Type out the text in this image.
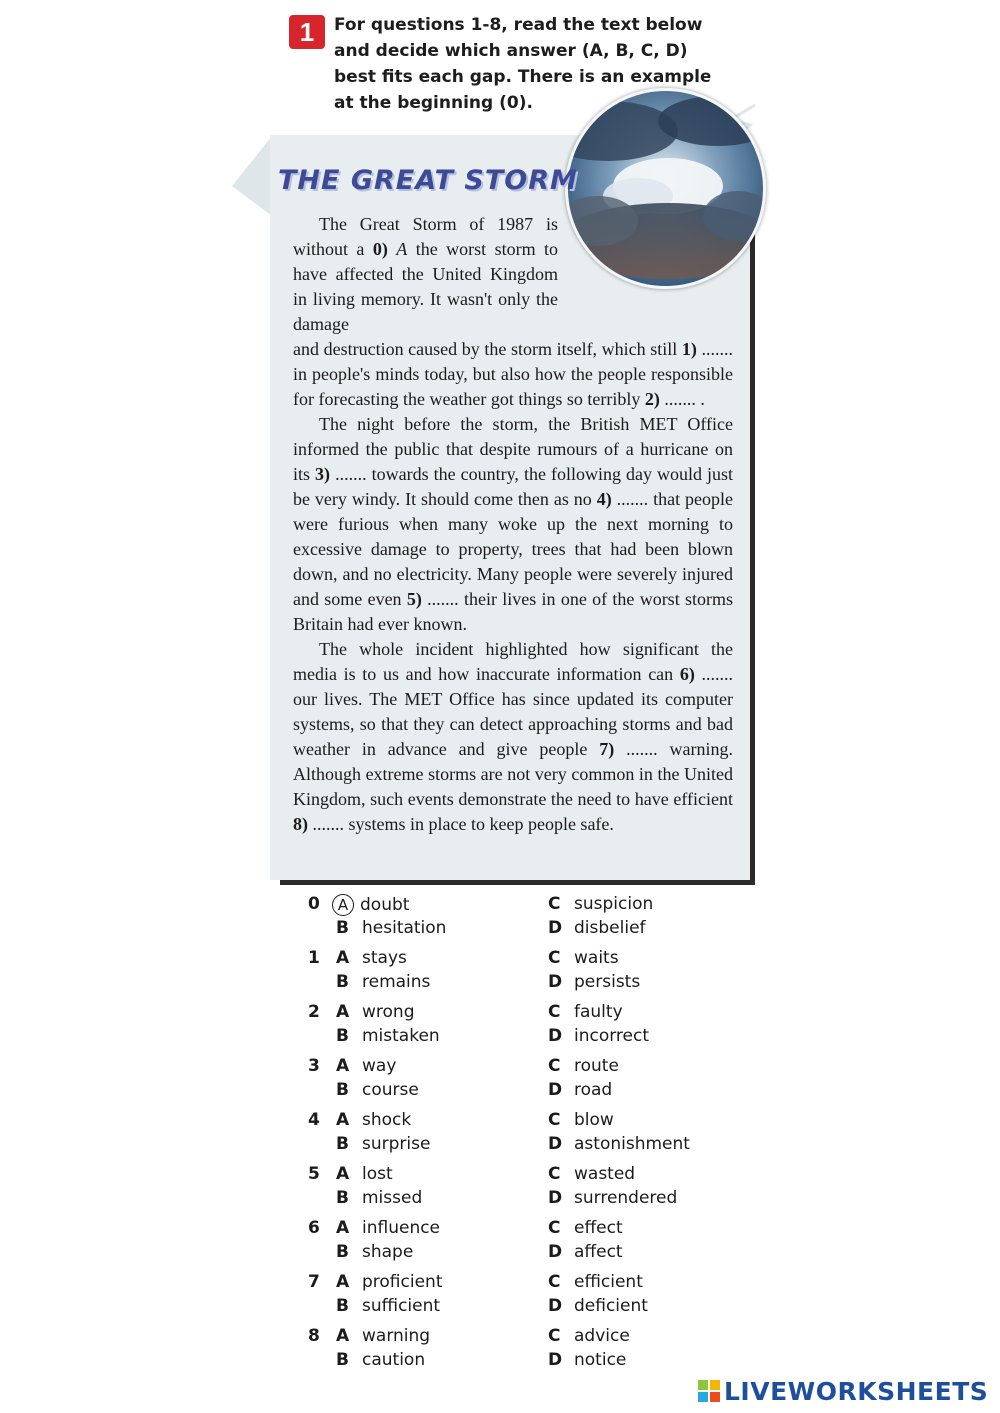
1	For questions 1-8, read the text below and decide which answer (A, B, C, D) best fits each gap. There is an example at the beginning (0).

THE GREAT STORM

The Great Storm of 1987 is without a 0) A the worst storm to have affected the United Kingdom in living memory. It wasn't only the damage
and destruction caused by the storm itself, which still 1) ....... in people's minds today, but also how the people responsible for forecasting the weather got things so terribly 2) ....... .
The night before the storm, the British MET Office informed the public that despite rumours of a hurricane on its 3) ....... towards the country, the following day would just be very windy. It should come then as no 4) ....... that people were furious when many woke up the next morning to excessive damage to property, trees that had been blown down, and no electricity. Many people were severely injured and some even 5) ....... their lives in one of the worst storms Britain had ever known.
The whole incident highlighted how significant the media is to us and how inaccurate information can 6) ....... our lives. The MET Office has since updated its computer systems, so that they can detect approaching storms and bad weather in advance and give people 7) ....... warning. Although extreme storms are not very common in the United Kingdom, such events demonstrate the need to have efficient 8) ....... systems in place to keep people safe.

0 A doubt
B hesitation
C suspicion
D disbelief
1 A stays
B remains
C waits
D persists
2 A wrong
B mistaken
C faulty
D incorrect
3 A way
B course
C route
D road
4 A shock
B surprise
C blow
D astonishment
5 A lost
B missed
C wasted
D surrendered
6 A influence
B shape
C effect
D affect
7 A proficient
B sufficient
C efficient
D deficient
8 A warning
B caution
C advice
D notice
LIVEWORKSHEETS
